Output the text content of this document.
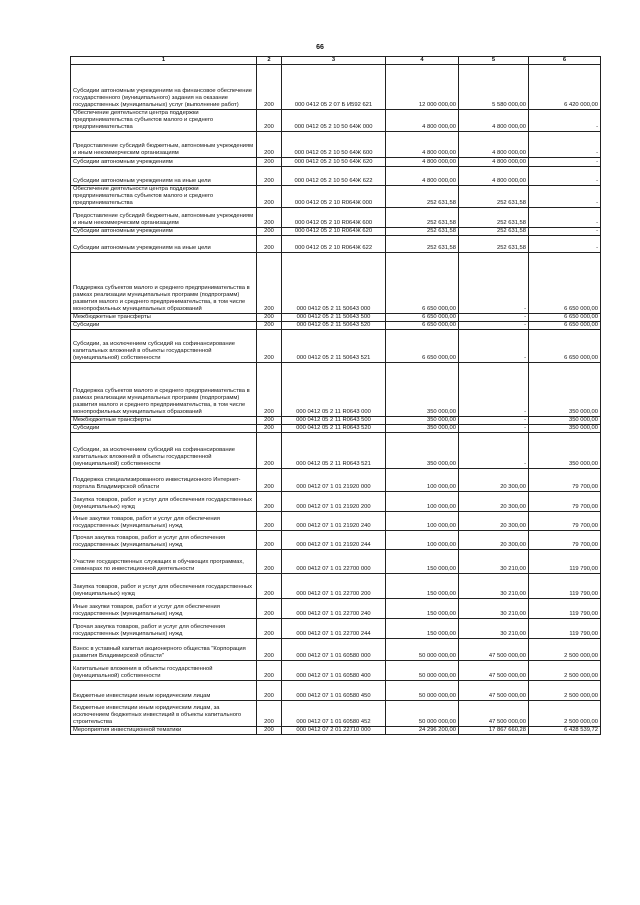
66
1	2	3	4	5	6
Субсидии автономным учреждениям на финансовое обеспечение государственного (муниципального) задания на оказание государственных (муниципальных) услуг (выполнение работ)	200	000 0412 05 2 07 Б И592 621	12 000 000,00	5 580 000,00	6 420 000,00
Обеспечение деятельности центра поддержки предпринимательства субъектов малого и среднего предпринимательства	200	000 0412 05 2 10 50 64Ж 000	4 800 000,00	4 800 000,00	-
Предоставление субсидий бюджетным, автономным учреждениям и иным некоммерческим организациям	200	000 0412 05 2 10 50 64Ж 600	4 800 000,00	4 800 000,00	-
Субсидии автономным учреждениям	200	000 0412 05 2 10 50 64Ж 620	4 800 000,00	4 800 000,00	-
Субсидии автономным учреждениям на иные цели	200	000 0412 05 2 10 50 64Ж 622	4 800 000,00	4 800 000,00	-
Обеспечение деятельности центра поддержки предпринимательства субъектов малого и среднего предпринимательства	200	000 0412 05 2 10 R064Ж 000	252 631,58	252 631,58	-
Предоставление субсидий бюджетным, автономным учреждениям и иным некоммерческим организациям	200	000 0412 05 2 10 R064Ж 600	252 631,58	252 631,58	-
Субсидии автономным учреждениям	200	000 0412 05 2 10 R064Ж 620	252 631,58	252 631,58	-
Субсидии автономным учреждениям на иные цели	200	000 0412 05 2 10 R064Ж 622	252 631,58	252 631,58	-
Поддержка субъектов малого и среднего предпринимательства в рамках реализации муниципальных программ (подпрограмм) развития малого и среднего предпринимательства, в том числе монопрофильных муниципальных образований	200	000 0412 05 2 11 50643 000	6 650 000,00	-	6 650 000,00
Межбюджетные трансферты	200	000 0412 05 2 11 50643 500	6 650 000,00	-	6 650 000,00
Субсидии	200	000 0412 05 2 11 50643 520	6 650 000,00	-	6 650 000,00
Субсидии, за исключением субсидий на софинансирование капитальных вложений в объекты государственной (муниципальной) собственности	200	000 0412 05 2 11 50643 521	6 650 000,00	-	6 650 000,00
Поддержка субъектов малого и среднего предпринимательства в рамках реализации муниципальных программ (подпрограмм) развития малого и среднего предпринимательства, в том числе монопрофильных муниципальных образований	200	000 0412 05 2 11 R0643 000	350 000,00	-	350 000,00
Межбюджетные трансферты	200	000 0412 05 2 11 R0643 500	350 000,00	-	350 000,00
Субсидии	200	000 0412 05 2 11 R0643 520	350 000,00	-	350 000,00
Субсидии, за исключением субсидий на софинансирование капитальных вложений в объекты государственной (муниципальной) собственности	200	000 0412 05 2 11 R0643 521	350 000,00	-	350 000,00
Поддержка специализированного инвестиционного Интернет-портала Владимирской области	200	000 0412 07 1 01 21920 000	100 000,00	20 300,00	79 700,00
Закупка товаров, работ и услуг для обеспечения государственных (муниципальных) нужд	200	000 0412 07 1 01 21920 200	100 000,00	20 300,00	79 700,00
Иные закупки товаров, работ и услуг для обеспечения государственных (муниципальных) нужд	200	000 0412 07 1 01 21920 240	100 000,00	20 300,00	79 700,00
Прочая закупка товаров, работ и услуг для обеспечения государственных (муниципальных) нужд	200	000 0412 07 1 01 21920 244	100 000,00	20 300,00	79 700,00
Участие государственных служащих в обучающих программах, семинарах по инвестиционной деятельности	200	000 0412 07 1 01 22700 000	150 000,00	30 210,00	119 790,00
Закупка товаров, работ и услуг для обеспечения государственных (муниципальных) нужд	200	000 0412 07 1 01 22700 200	150 000,00	30 210,00	119 790,00
Иные закупки товаров, работ и услуг для обеспечения государственных (муниципальных) нужд	200	000 0412 07 1 01 22700 240	150 000,00	30 210,00	119 790,00
Прочая закупка товаров, работ и услуг для обеспечения государственных (муниципальных) нужд	200	000 0412 07 1 01 22700 244	150 000,00	30 210,00	119 790,00
Взнос в уставный капитал акционерного общества "Корпорация развития Владимирской области"	200	000 0412 07 1 01 60580 000	50 000 000,00	47 500 000,00	2 500 000,00
Капитальные вложения в объекты государственной (муниципальной) собственности	200	000 0412 07 1 01 60580 400	50 000 000,00	47 500 000,00	2 500 000,00
Бюджетные инвестиции иным юридическим лицам	200	000 0412 07 1 01 60580 450	50 000 000,00	47 500 000,00	2 500 000,00
Бюджетные инвестиции иным юридическим лицам, за исключением бюджетных инвестиций в объекты капитального строительства	200	000 0412 07 1 01 60580 452	50 000 000,00	47 500 000,00	2 500 000,00
Мероприятия инвестиционной тематики	200	000 0412 07 2 01 22710 000	24 296 200,00	17 867 660,28	6 428 539,72
